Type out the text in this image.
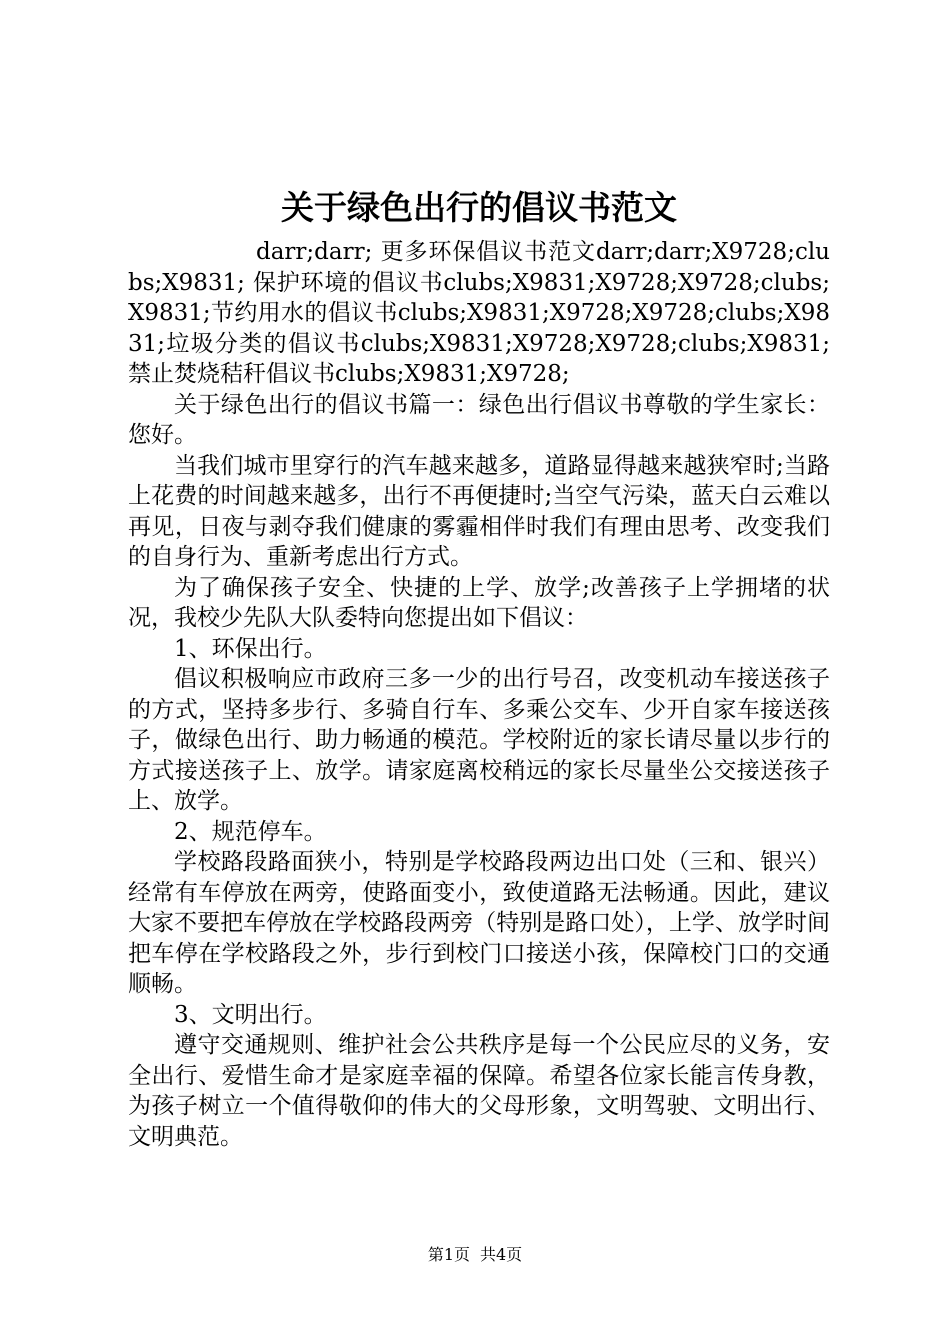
关于绿色出行的倡议书范文

darr;darr; 更多环保倡议书范文darr;darr;X9728;clubs;X9831; 保护环境的倡议书clubs;X9831;X9728;X9728;clubs;X9831;节约用水的倡议书clubs;X9831;X9728;X9728;clubs;X9831;垃圾分类的倡议书clubs;X9831;X9728;X9728;clubs;X9831;禁止焚烧秸秆倡议书clubs;X9831;X9728;

关于绿色出行的倡议书篇一：绿色出行倡议书尊敬的学生家长：您好。

当我们城市里穿行的汽车越来越多，道路显得越来越狭窄时;当路上花费的时间越来越多，出行不再便捷时;当空气污染，蓝天白云难以再见，日夜与剥夺我们健康的雾霾相伴时我们有理由思考、改变我们的自身行为、重新考虑出行方式。

为了确保孩子安全、快捷的上学、放学;改善孩子上学拥堵的状况，我校少先队大队委特向您提出如下倡议：

1、环保出行。

倡议积极响应市政府三多一少的出行号召，改变机动车接送孩子的方式，坚持多步行、多骑自行车、多乘公交车、少开自家车接送孩子，做绿色出行、助力畅通的模范。学校附近的家长请尽量以步行的方式接送孩子上、放学。请家庭离校稍远的家长尽量坐公交接送孩子上、放学。

2、规范停车。

学校路段路面狭小，特别是学校路段两边出口处（三和、银兴）经常有车停放在两旁，使路面变小，致使道路无法畅通。因此，建议大家不要把车停放在学校路段两旁（特别是路口处），上学、放学时间把车停在学校路段之外，步行到校门口接送小孩，保障校门口的交通顺畅。

3、文明出行。

遵守交通规则、维护社会公共秩序是每一个公民应尽的义务，安全出行、爱惜生命才是家庭幸福的保障。希望各位家长能言传身教，为孩子树立一个值得敬仰的伟大的父母形象，文明驾驶、文明出行、文明典范。

第1页 共4页
